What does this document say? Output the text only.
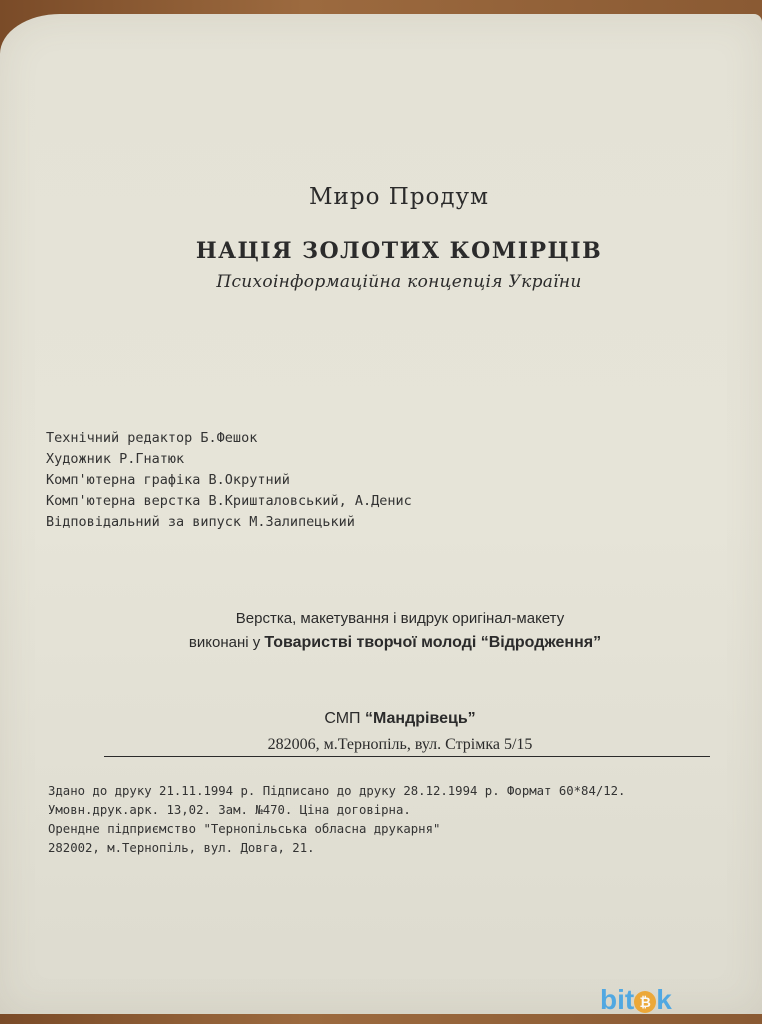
Миро Продум
НАЦІЯ ЗОЛОТИХ КОМІРЦІВ
Психоінформаційна концепція України
Технічний редактор Б.Фешок
Художник Р.Гнатюк
Комп'ютерна графіка В.Окрутний
Комп'ютерна верстка В.Кришталовський, А.Денис
Відповідальний за випуск М.Залипецький
Верстка, макетування і видрук оригінал-макету
виконані у Товаристві творчої молоді “Відродження”
СМП “Мандрівець”
282006, м.Тернопіль, вул. Стрімка 5/15
Здано до друку 21.11.1994 р. Підписано до друку 28.12.1994 р. Формат 60*84/12.
Умовн.друк.арк. 13,02. Зам. №470. Ціна договірна.
Орендне підприємство "Тернопільська обласна друкарня"
282002, м.Тернопіль, вул. Довга, 21.
bit ₿ k
